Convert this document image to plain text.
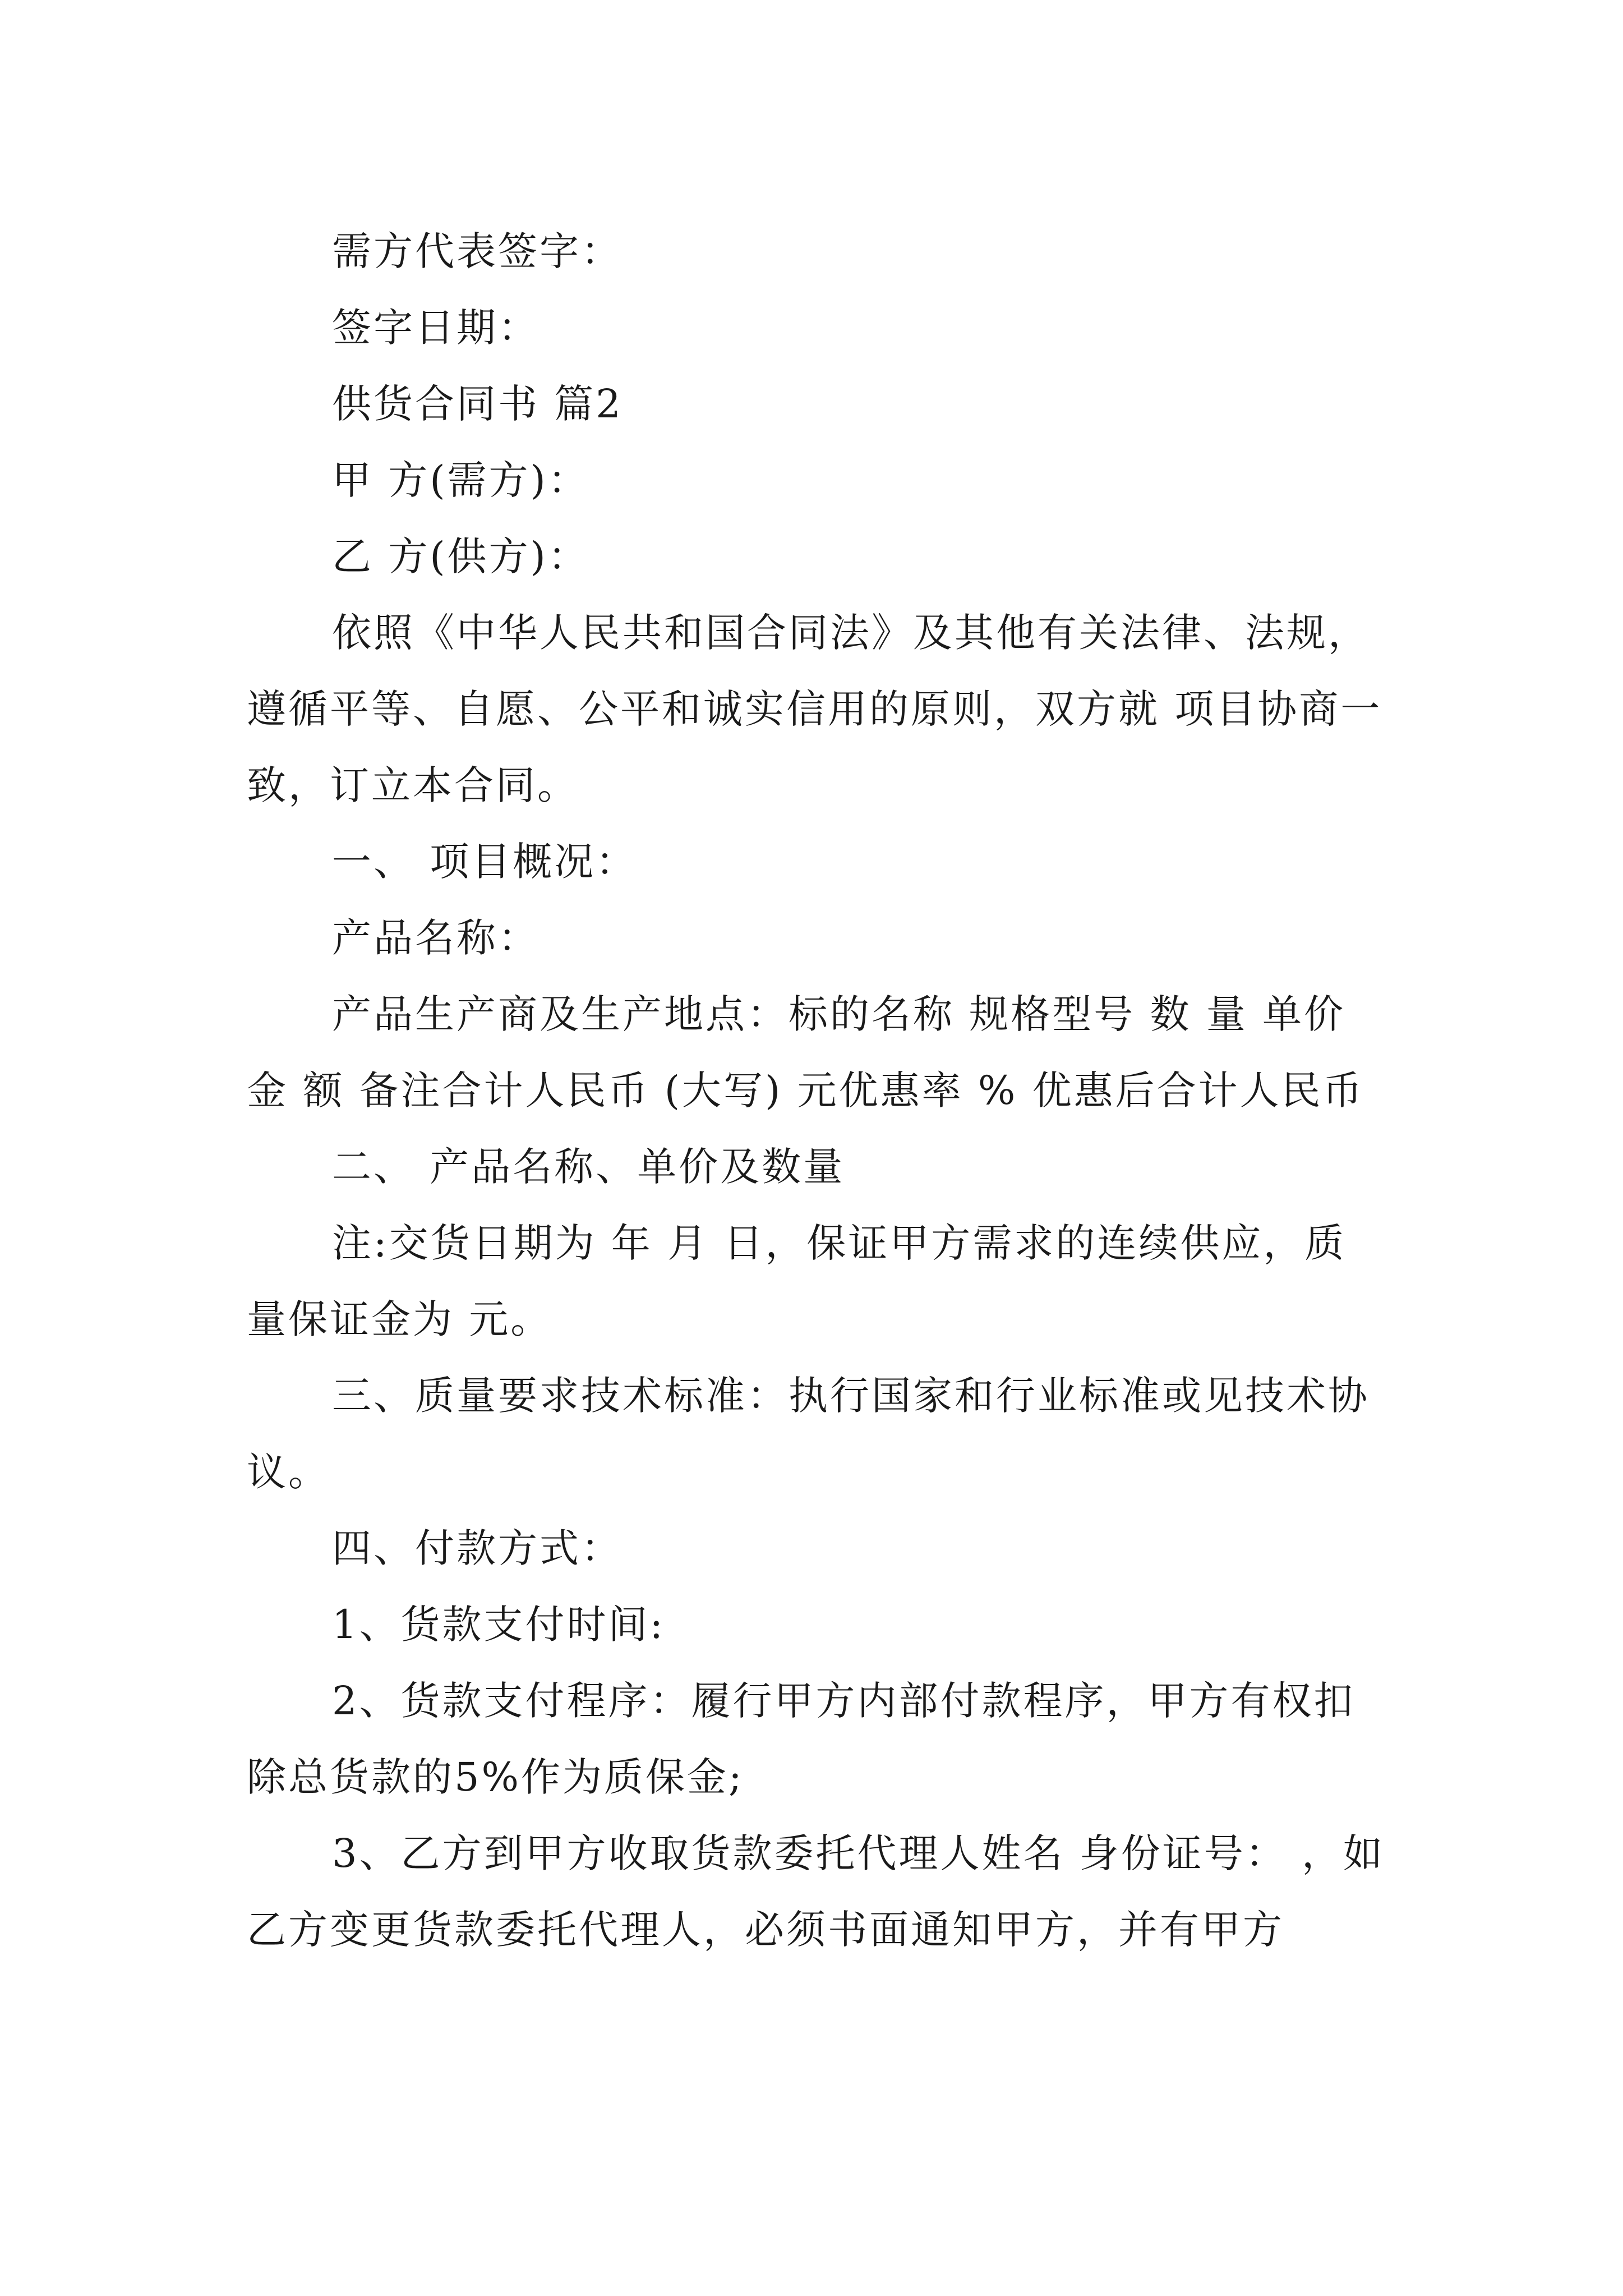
需方代表签字：

签字日期：

供货合同书 篇2

甲 方(需方)：

乙 方(供方)：

依照《中华人民共和国合同法》及其他有关法律、法规，遵循平等、自愿、公平和诚实信用的原则，双方就 项目协商一致，订立本合同。

一、 项目概况：

产品名称：

产品生产商及生产地点：标的名称 规格型号 数 量 单价 金 额 备注合计人民币 (大写) 元优惠率 % 优惠后合计人民币

二、 产品名称、单价及数量

注:交货日期为 年 月 日，保证甲方需求的连续供应，质量保证金为 元。

三、质量要求技术标准：执行国家和行业标准或见技术协议。

四、付款方式：

1、货款支付时间:

2、货款支付程序：履行甲方内部付款程序，甲方有权扣除总货款的5%作为质保金;

3、乙方到甲方收取货款委托代理人姓名 身份证号： ，如乙方变更货款委托代理人，必须书面通知甲方，并有甲方
